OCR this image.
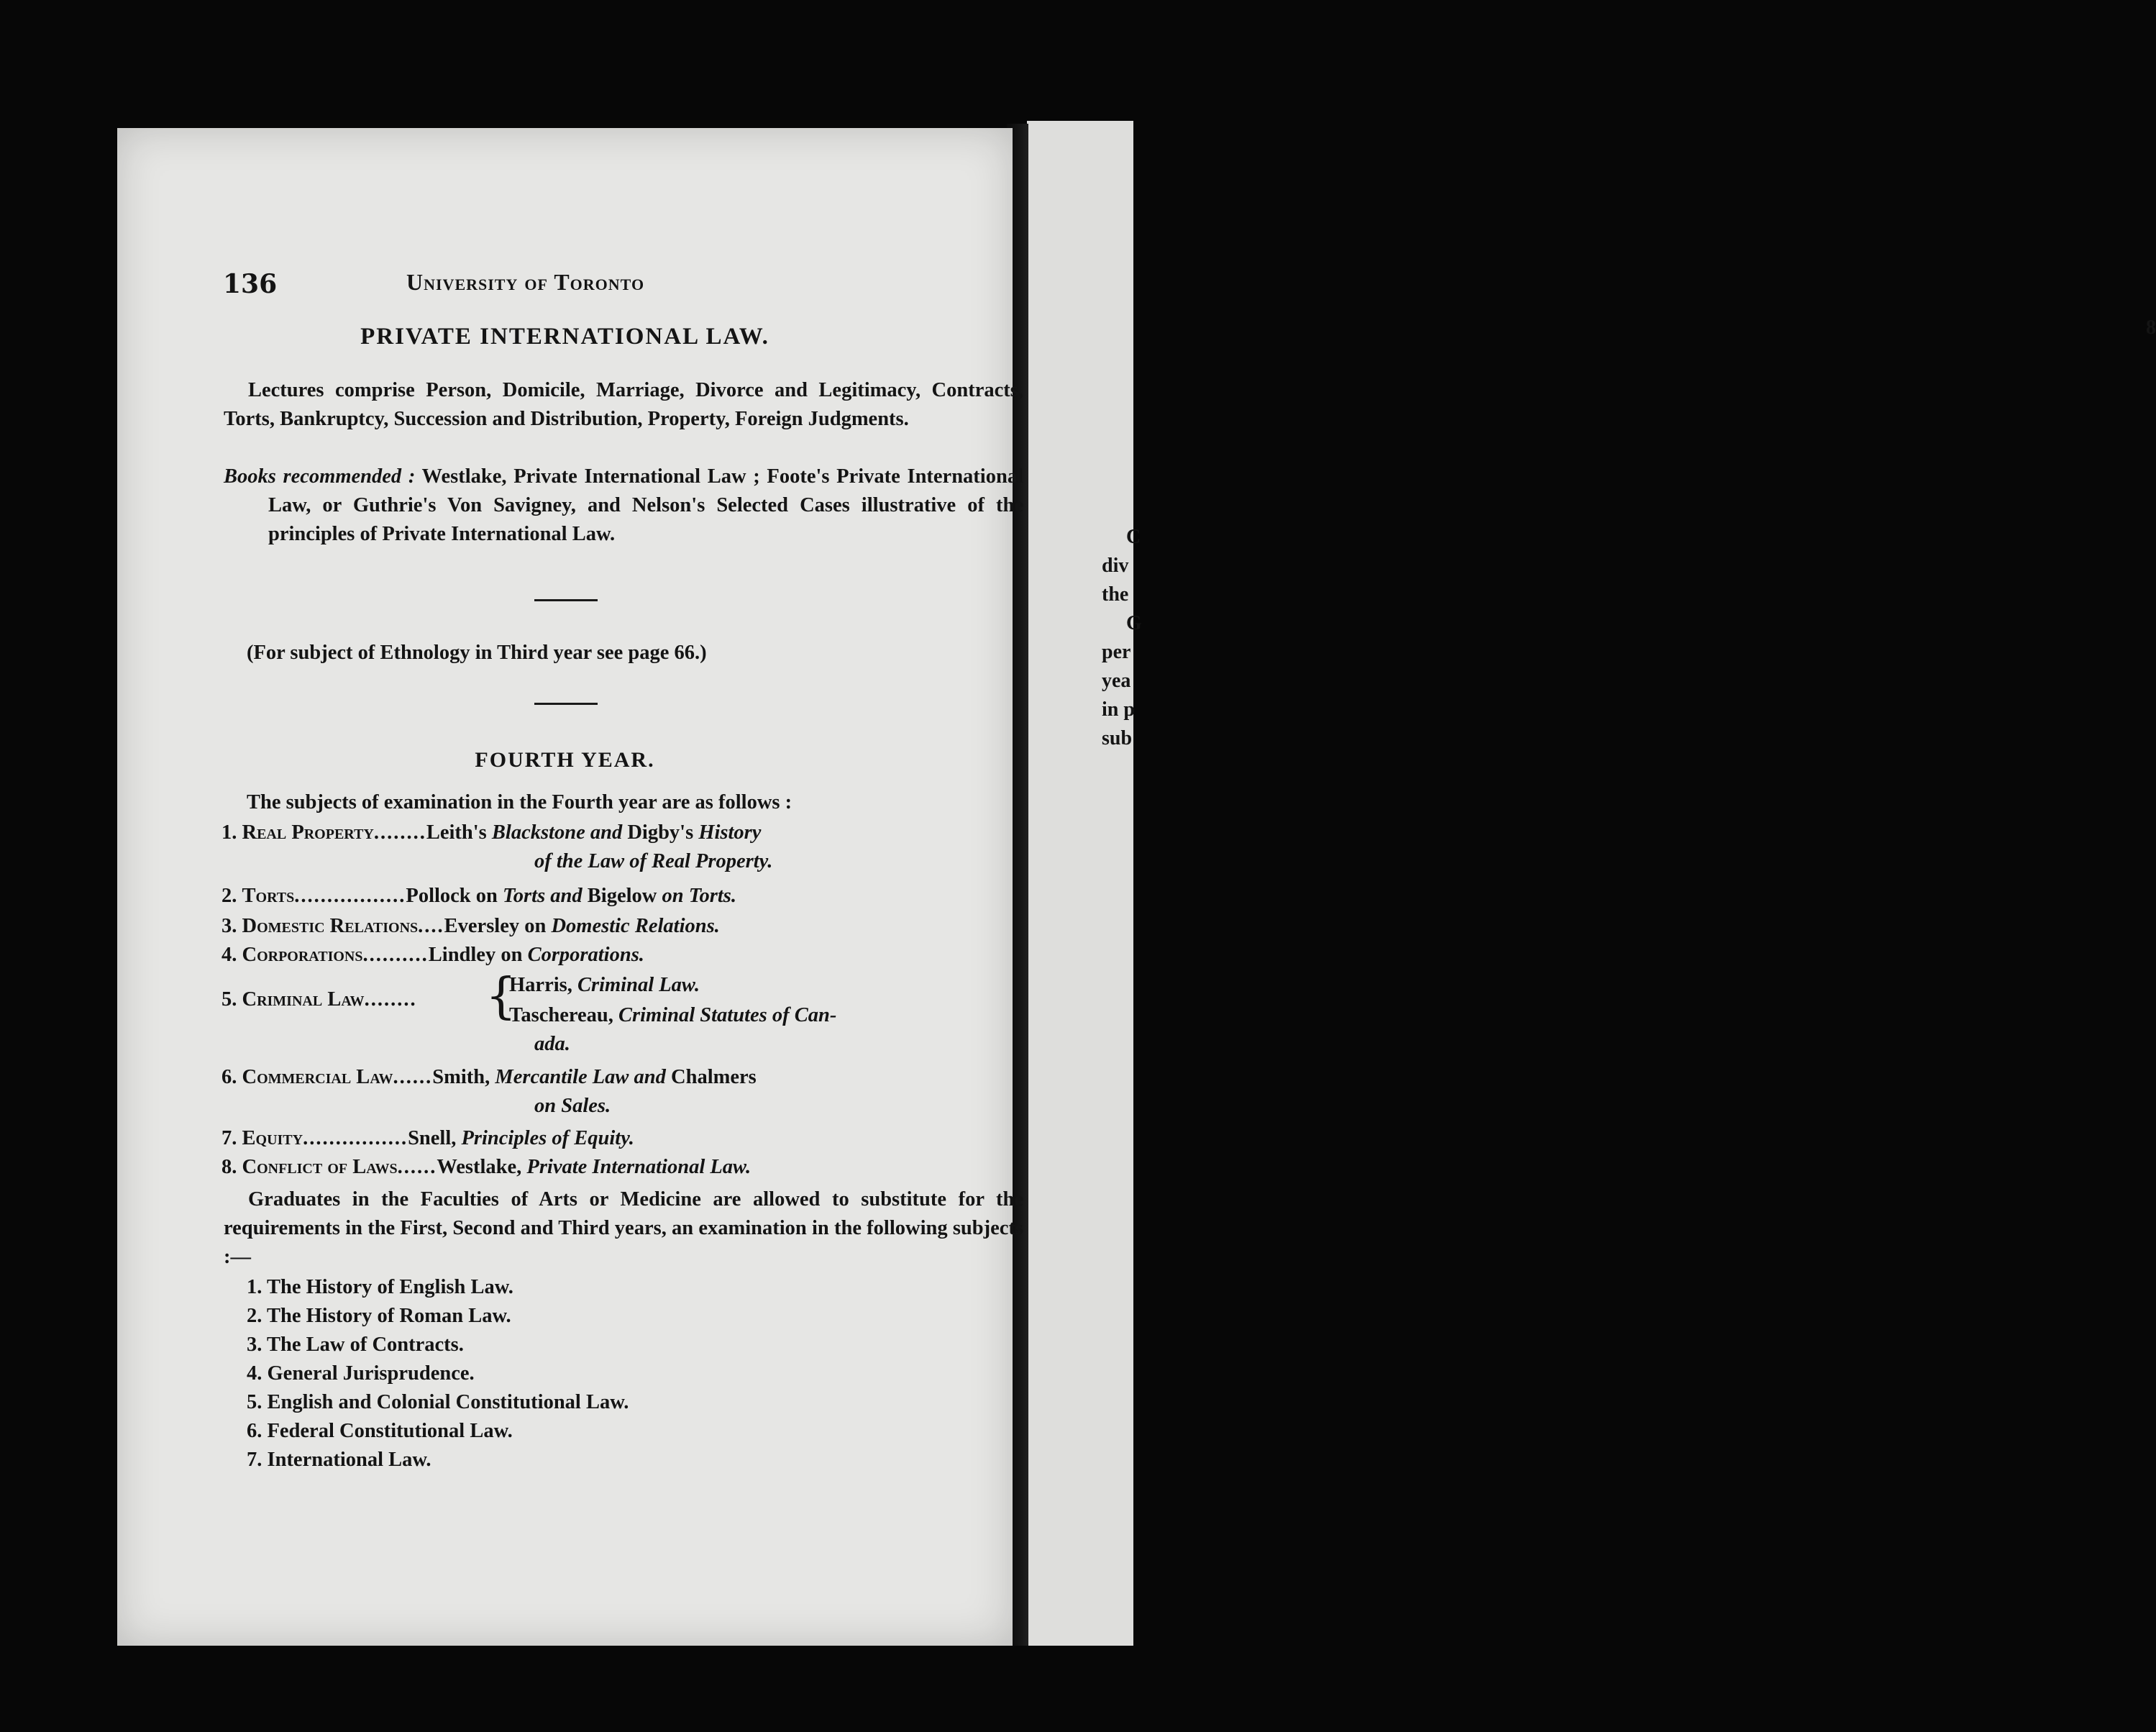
8
C
div
the
G
per
yea
in p
sub
136	University of Toronto
PRIVATE INTERNATIONAL LAW.
Lectures comprise Person, Domicile, Marriage, Divorce and Legitimacy, Contracts, Torts, Bankruptcy, Succession and Distribution, Property, Foreign Judgments.
Books recommended : Westlake, Private International Law ; Foote's Private International Law, or Guthrie's Von Savigney, and Nelson's Selected Cases illustrative of the principles of Private International Law.
(For subject of Ethnology in Third year see page 66.)
FOURTH YEAR.
The subjects of examination in the Fourth year are as follows :
1. Real Property........Leith's Blackstone and Digby's History
of the Law of Real Property.
2. Torts.................Pollock on Torts and Bigelow on Torts.
3. Domestic Relations....Eversley on Domestic Relations.
4. Corporations..........Lindley on Corporations.
Harris, Criminal Law.
{
5. Criminal Law........
Taschereau, Criminal Statutes of Can-
ada.
6. Commercial Law......Smith, Mercantile Law and Chalmers
on Sales.
7. Equity................Snell, Principles of Equity.
8. Conflict of Laws......Westlake, Private International Law.
Graduates in the Faculties of Arts or Medicine are allowed to substitute for the requirements in the First, Second and Third years, an examination in the following subjects :—
1. The History of English Law.
2. The History of Roman Law.
3. The Law of Contracts.
4. General Jurisprudence.
5. English and Colonial Constitutional Law.
6. Federal Constitutional Law.
7. International Law.
